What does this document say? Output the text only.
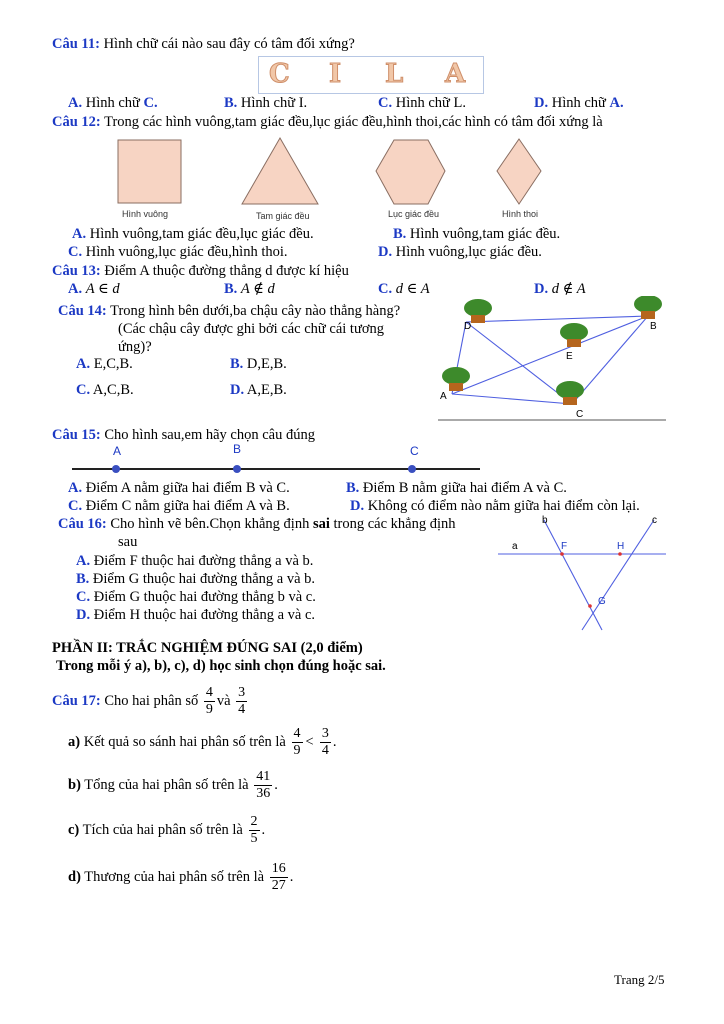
Câu 11: Hình chữ cái nào sau đây có tâm đối xứng?
C I L A
A. Hình chữ C.	B. Hình chữ I.	C. Hình chữ L.	D. Hình chữ A.
Câu 12: Trong các hình vuông,tam giác đều,lục giác đều,hình thoi,các hình có tâm đối xứng là
Hình vuông	Tam giác đều	Lục giác đều	Hình thoi
A. Hình vuông,tam giác đều,lục giác đều.	B. Hình vuông,tam giác đều.
C. Hình vuông,lục giác đều,hình thoi.	D. Hình vuông,lục giác đều.
Câu 13: Điểm A thuộc đường thẳng d được kí hiệu
A. A ∈ d	B. A ∉ d	C. d ∈ A	D. d ∉ A
Câu 14: Trong hình bên dưới,ba chậu cây nào thẳng hàng?
(Các chậu cây được ghi bởi các chữ cái tương
ứng)?
A. E,C,B.	B. D,E,B.
C. A,C,B.	D. A,E,B.
D	B
E
A
C
Câu 15: Cho hình sau,em hãy chọn câu đúng
A	B	C
A. Điểm A nằm giữa hai điểm B và C.	B. Điểm B nằm giữa hai điểm A và C.
C. Điểm C nằm giữa hai điểm A và B.	D. Không có điểm nào nằm giữa hai điểm còn lại.
Câu 16: Cho hình vẽ bên.Chọn khẳng định sai trong các khẳng định
sau
A. Điểm F thuộc hai đường thẳng a và b.
B. Điểm G thuộc hai đường thẳng a và b.
C. Điểm G thuộc hai đường thẳng b và c.
D. Điểm H thuộc hai đường thẳng a và c.
b	c
a	F	H
G
PHẦN II: TRẮC NGHIỆM ĐÚNG SAI (2,0 điểm)
Trong mỗi ý a), b), c), d) học sinh chọn đúng hoặc sai.
Câu 17: Cho hai phân số $\frac{4}{9}$ và $\frac{3}{4}$
a) Kết quả so sánh hai phân số trên là $\frac{4}{9} < \frac{3}{4}$ .
b) Tổng của hai phân số trên là $\frac{41}{36}$ .
c) Tích của hai phân số trên là $\frac{2}{5}$ .
d) Thương của hai phân số trên là $\frac{16}{27}$ .
Trang 2/5
